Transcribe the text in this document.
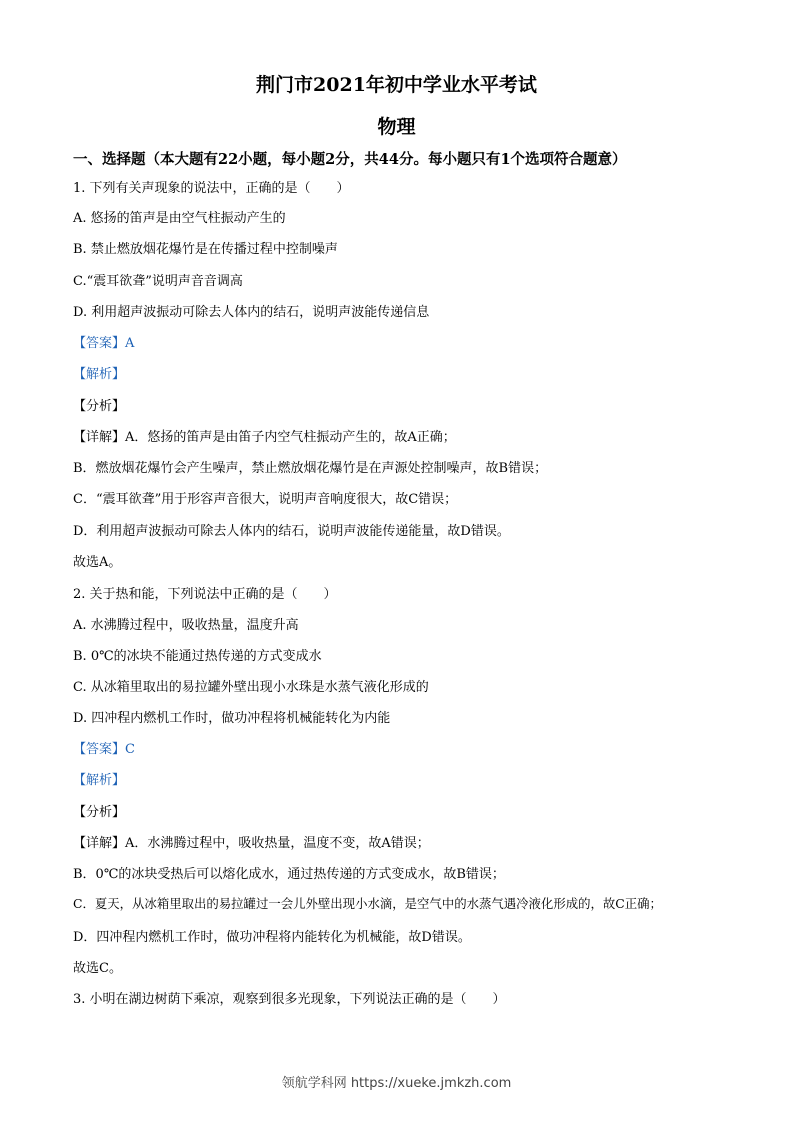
荆门市2021年初中学业水平考试
物理
一、选择题（本大题有22小题，每小题2分，共44分。每小题只有1个选项符合题意）
1. 下列有关声现象的说法中，正确的是（　　）
A. 悠扬的笛声是由空气柱振动产生的
B. 禁止燃放烟花爆竹是在传播过程中控制噪声
C.“震耳欲聋”说明声音音调高
D. 利用超声波振动可除去人体内的结石，说明声波能传递信息
【答案】A
【解析】
【分析】
【详解】A．悠扬的笛声是由笛子内空气柱振动产生的，故A正确；
B．燃放烟花爆竹会产生噪声，禁止燃放烟花爆竹是在声源处控制噪声，故B错误；
C．“震耳欲聋”用于形容声音很大，说明声音响度很大，故C错误；
D．利用超声波振动可除去人体内的结石，说明声波能传递能量，故D错误。
故选A。
2. 关于热和能，下列说法中正确的是（　　）
A. 水沸腾过程中，吸收热量，温度升高
B. 0℃的冰块不能通过热传递的方式变成水
C. 从冰箱里取出的易拉罐外壁出现小水珠是水蒸气液化形成的
D. 四冲程内燃机工作时，做功冲程将机械能转化为内能
【答案】C
【解析】
【分析】
【详解】A．水沸腾过程中，吸收热量，温度不变，故A错误；
B．0℃的冰块受热后可以熔化成水，通过热传递的方式变成水，故B错误；
C．夏天，从冰箱里取出的易拉罐过一会儿外壁出现小水滴，是空气中的水蒸气遇冷液化形成的，故C正确；
D．四冲程内燃机工作时，做功冲程将内能转化为机械能，故D错误。
故选C。
3. 小明在湖边树荫下乘凉，观察到很多光现象，下列说法正确的是（　　）
领航学科网 https://xueke.jmkzh.com
